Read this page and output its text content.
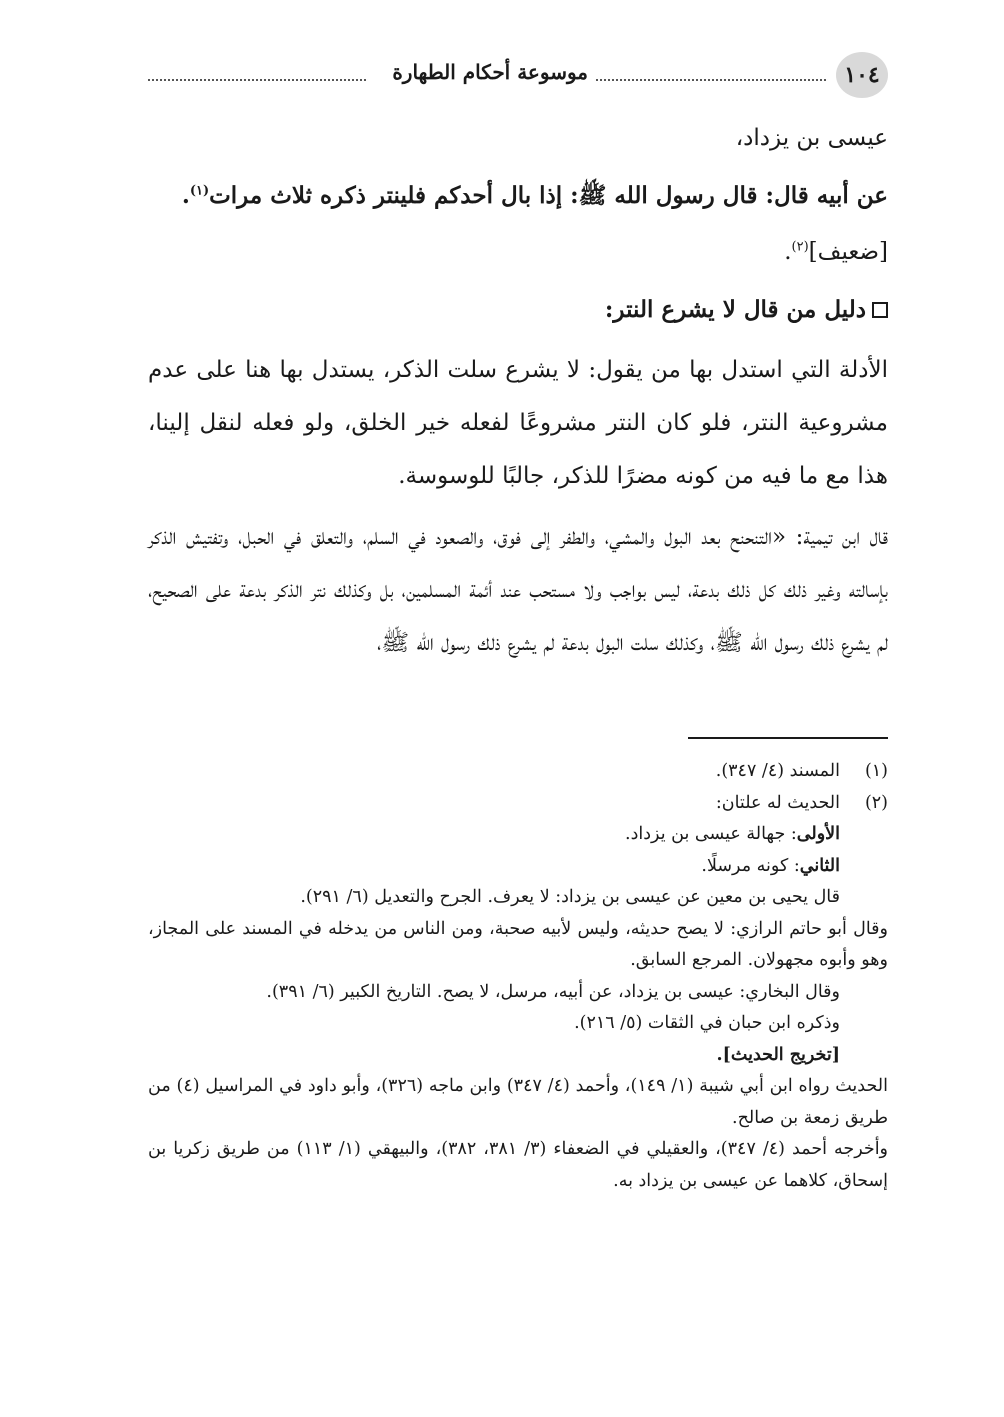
١٠٤
موسوعة أحكام الطهارة

عيسى بن يزداد،

عن أبيه قال: قال رسول الله ﷺ: إذا بال أحدكم فلينتر ذكره ثلاث مرات$^{(١)}$.

[ضعيف]$^{(٢)}$.

دليل من قال لا يشرع النتر:

الأدلة التي استدل بها من يقول: لا يشرع سلت الذكر، يستدل بها هنا على عدم مشروعية النتر، فلو كان النتر مشروعًا لفعله خير الخلق، ولو فعله لنقل إلينا، هذا مع ما فيه من كونه مضرًا للذكر، جالبًا للوسوسة.

قال ابن تيمية: «التنحنح بعد البول والمشي، والطفر إلى فوق، والصعود في السلم، والتعلق في الحبل، وتفتيش الذكر بإسالته وغير ذلك كل ذلك بدعة، ليس بواجب ولا مستحب عند أئمة المسلمين، بل وكذلك نتر الذكر بدعة على الصحيح، لم يشرع ذلك رسول الله ﷺ، وكذلك سلت البول بدعة لم يشرع ذلك رسول الله ﷺ،

(١)المسند (٤/ ٣٤٧).

(٢)الحديث له علتان:

الأولى: جهالة عيسى بن يزداد.

الثاني: كونه مرسلًا.

قال يحيى بن معين عن عيسى بن يزداد: لا يعرف. الجرح والتعديل (٦/ ٢٩١).

وقال أبو حاتم الرازي: لا يصح حديثه، وليس لأبيه صحبة، ومن الناس من يدخله في المسند على المجاز، وهو وأبوه مجهولان. المرجع السابق.

وقال البخاري: عيسى بن يزداد، عن أبيه، مرسل، لا يصح. التاريخ الكبير (٦/ ٣٩١).

وذكره ابن حبان في الثقات (٥/ ٢١٦).

[تخريج الحديث].

الحديث رواه ابن أبي شيبة (١/ ١٤٩)، وأحمد (٤/ ٣٤٧) وابن ماجه (٣٢٦)، وأبو داود في المراسيل (٤) من طريق زمعة بن صالح.

وأخرجه أحمد (٤/ ٣٤٧)، والعقيلي في الضعفاء (٣/ ٣٨١، ٣٨٢)، والبيهقي (١/ ١١٣) من طريق زكريا بن إسحاق، كلاهما عن عيسى بن يزداد به.
